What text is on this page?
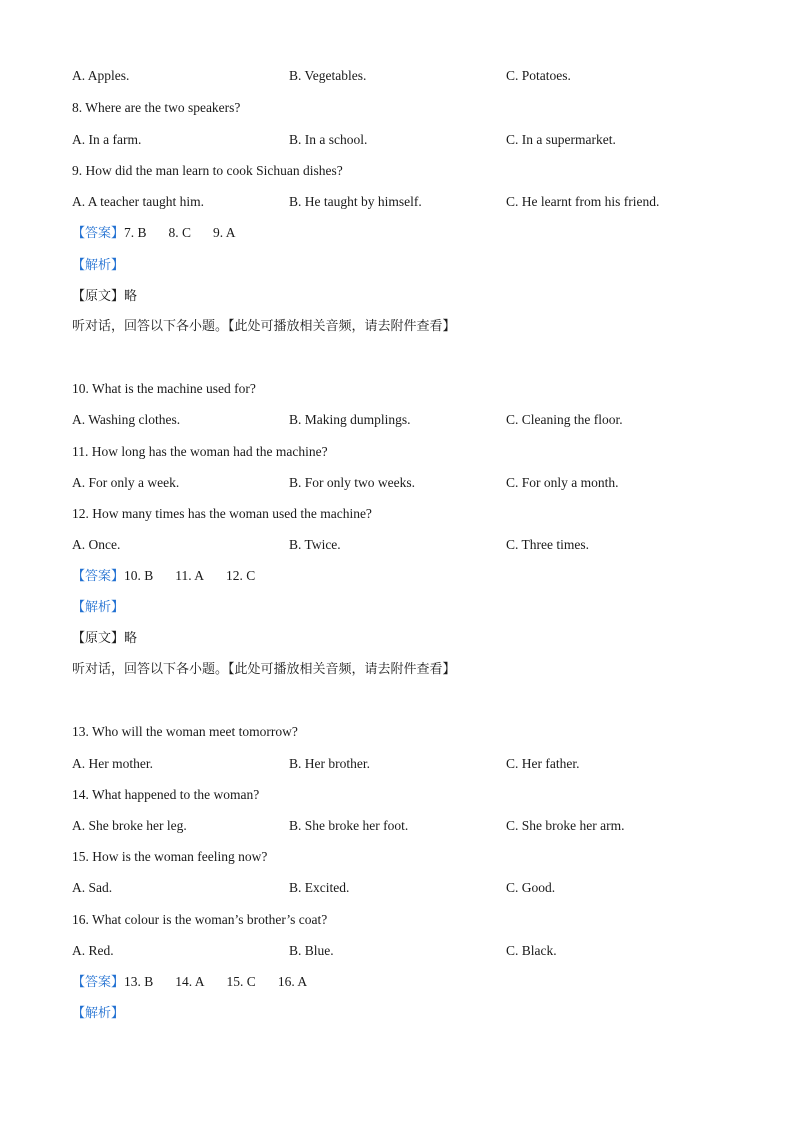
A. Apples.	B. Vegetables.	C. Potatoes.
8. Where are the two speakers?
A. In a farm.	B. In a school.	C. In a supermarket.
9. How did the man learn to cook Sichuan dishes?
A. A teacher taught him.	B. He taught by himself.	C. He learnt from his friend.
【答案】7. B 8. C 9. A
【解析】
【原文】略
听对话，回答以下各小题。【此处可播放相关音频，请去附件查看】
10. What is the machine used for?
A. Washing clothes.	B. Making dumplings.	C. Cleaning the floor.
11. How long has the woman had the machine?
A. For only a week.	B. For only two weeks.	C. For only a month.
12. How many times has the woman used the machine?
A. Once.	B. Twice.	C. Three times.
【答案】10. B 11. A 12. C
【解析】
【原文】略
听对话，回答以下各小题。【此处可播放相关音频，请去附件查看】
13. Who will the woman meet tomorrow?
A. Her mother.	B. Her brother.	C. Her father.
14. What happened to the woman?
A. She broke her leg.	B. She broke her foot.	C. She broke her arm.
15. How is the woman feeling now?
A. Sad.	B. Excited.	C. Good.
16. What colour is the woman’s brother’s coat?
A. Red.	B. Blue.	C. Black.
【答案】13. B 14. A 15. C 16. A
【解析】
